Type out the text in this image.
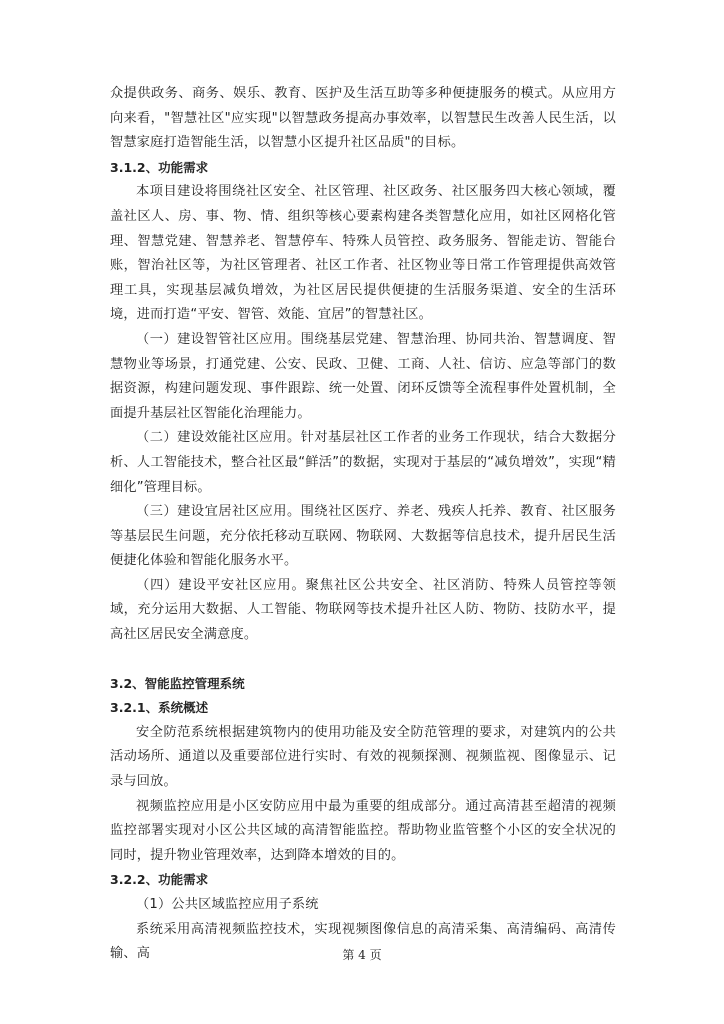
众提供政务、商务、娱乐、教育、医护及生活互助等多种便捷服务的模式。从应用方向来看，"智慧社区"应实现"以智慧政务提高办事效率，以智慧民生改善人民生活，以智慧家庭打造智能生活，以智慧小区提升社区品质"的目标。

3.1.2、功能需求

本项目建设将围绕社区安全、社区管理、社区政务、社区服务四大核心领域，覆盖社区人、房、事、物、情、组织等核心要素构建各类智慧化应用，如社区网格化管理、智慧党建、智慧养老、智慧停车、特殊人员管控、政务服务、智能走访、智能台账，智治社区等，为社区管理者、社区工作者、社区物业等日常工作管理提供高效管理工具，实现基层减负增效，为社区居民提供便捷的生活服务渠道、安全的生活环境，进而打造“平安、智管、效能、宜居”的智慧社区。

（一）建设智管社区应用。围绕基层党建、智慧治理、协同共治、智慧调度、智慧物业等场景，打通党建、公安、民政、卫健、工商、人社、信访、应急等部门的数据资源，构建问题发现、事件跟踪、统一处置、闭环反馈等全流程事件处置机制，全面提升基层社区智能化治理能力。

（二）建设效能社区应用。针对基层社区工作者的业务工作现状，结合大数据分析、人工智能技术，整合社区最“鲜活”的数据，实现对于基层的“减负增效”，实现“精细化”管理目标。

（三）建设宜居社区应用。围绕社区医疗、养老、残疾人托养、教育、社区服务等基层民生问题，充分依托移动互联网、物联网、大数据等信息技术，提升居民生活便捷化体验和智能化服务水平。

（四）建设平安社区应用。聚焦社区公共安全、社区消防、特殊人员管控等领域，充分运用大数据、人工智能、物联网等技术提升社区人防、物防、技防水平，提高社区居民安全满意度。

3.2、智能监控管理系统

3.2.1、系统概述

安全防范系统根据建筑物内的使用功能及安全防范管理的要求，对建筑内的公共活动场所、通道以及重要部位进行实时、有效的视频探测、视频监视、图像显示、记录与回放。

视频监控应用是小区安防应用中最为重要的组成部分。通过高清甚至超清的视频监控部署实现对小区公共区域的高清智能监控。帮助物业监管整个小区的安全状况的同时，提升物业管理效率，达到降本增效的目的。

3.2.2、功能需求

（1）公共区域监控应用子系统

系统采用高清视频监控技术，实现视频图像信息的高清采集、高清编码、高清传输、高	第 4 页
